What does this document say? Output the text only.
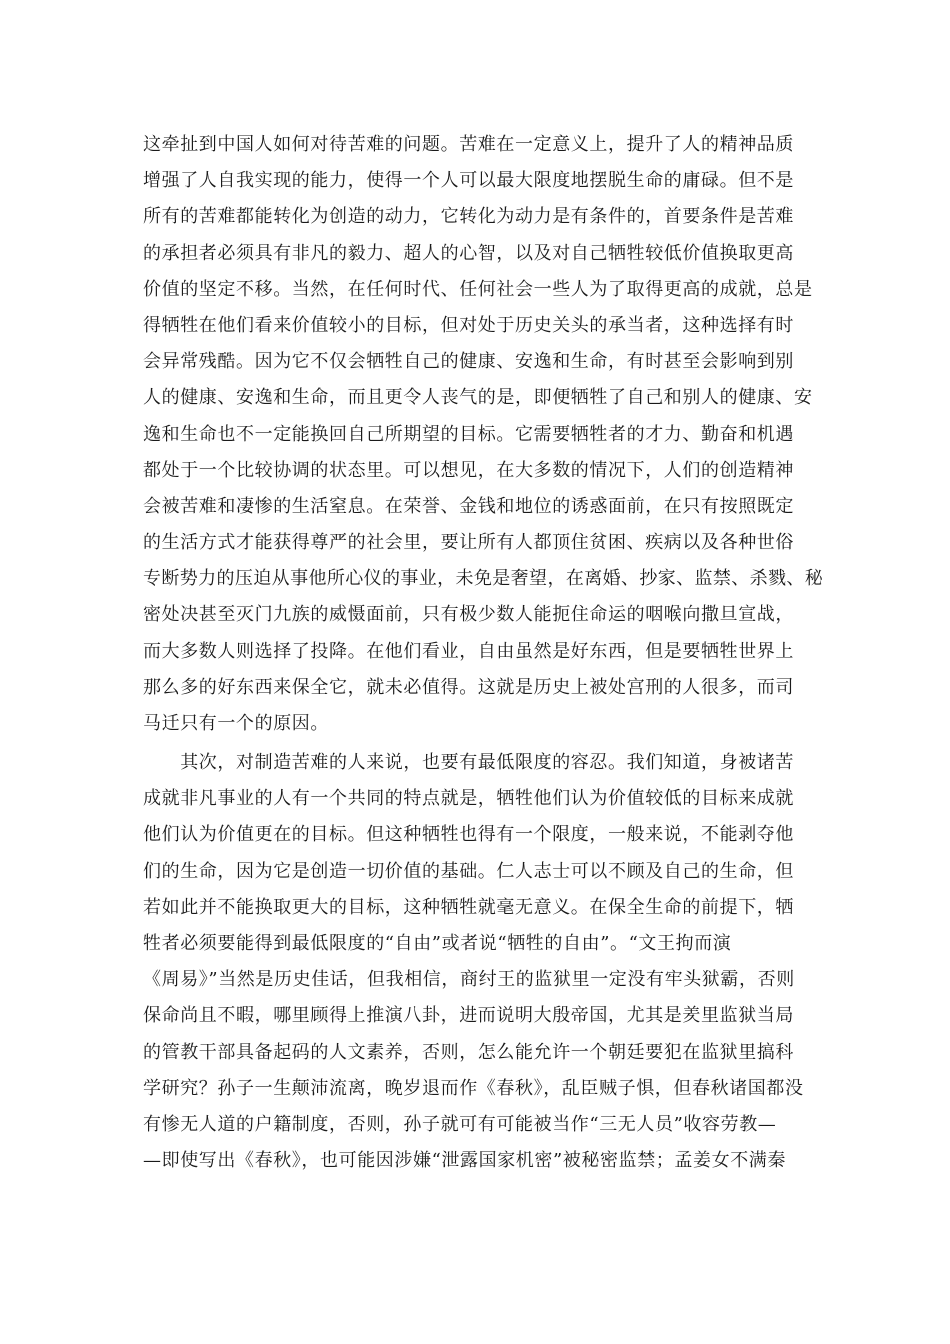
这牵扯到中国人如何对待苦难的问题。苦难在一定意义上，提升了人的精神品质
增强了人自我实现的能力，使得一个人可以最大限度地摆脱生命的庸碌。但不是
所有的苦难都能转化为创造的动力，它转化为动力是有条件的，首要条件是苦难
的承担者必须具有非凡的毅力、超人的心智，以及对自己牺牲较低价值换取更高
价值的坚定不移。当然，在任何时代、任何社会一些人为了取得更高的成就，总是
得牺牲在他们看来价值较小的目标，但对处于历史关头的承当者，这种选择有时
会异常残酷。因为它不仅会牺牲自己的健康、安逸和生命，有时甚至会影响到别
人的健康、安逸和生命，而且更令人丧气的是，即便牺牲了自己和别人的健康、安
逸和生命也不一定能换回自己所期望的目标。它需要牺牲者的才力、勤奋和机遇
都处于一个比较协调的状态里。可以想见，在大多数的情况下，人们的创造精神
会被苦难和凄惨的生活窒息。在荣誉、金钱和地位的诱惑面前，在只有按照既定
的生活方式才能获得尊严的社会里，要让所有人都顶住贫困、疾病以及各种世俗
专断势力的压迫从事他所心仪的事业，未免是奢望，在离婚、抄家、监禁、杀戮、秘
密处决甚至灭门九族的威慑面前，只有极少数人能扼住命运的咽喉向撒旦宣战，
而大多数人则选择了投降。在他们看业，自由虽然是好东西，但是要牺牲世界上
那么多的好东西来保全它，就未必值得。这就是历史上被处宫刑的人很多，而司
马迁只有一个的原因。
　　其次，对制造苦难的人来说，也要有最低限度的容忍。我们知道，身被诸苦
成就非凡事业的人有一个共同的特点就是，牺牲他们认为价值较低的目标来成就
他们认为价值更在的目标。但这种牺牲也得有一个限度，一般来说，不能剥夺他
们的生命，因为它是创造一切价值的基础。仁人志士可以不顾及自己的生命，但
若如此并不能换取更大的目标，这种牺牲就毫无意义。在保全生命的前提下，牺
牲者必须要能得到最低限度的“自由”或者说“牺牲的自由”。“文王拘而演
《周易》”当然是历史佳话，但我相信，商纣王的监狱里一定没有牢头狱霸，否则
保命尚且不暇，哪里顾得上推演八卦，进而说明大殷帝国，尤其是羑里监狱当局
的管教干部具备起码的人文素养，否则，怎么能允许一个朝廷要犯在监狱里搞科
学研究？孙子一生颠沛流离，晚岁退而作《春秋》，乱臣贼子惧，但春秋诸国都没
有惨无人道的户籍制度，否则，孙子就可有可能被当作“三无人员”收容劳教—
—即使写出《春秋》，也可能因涉嫌“泄露国家机密”被秘密监禁；孟姜女不满秦
